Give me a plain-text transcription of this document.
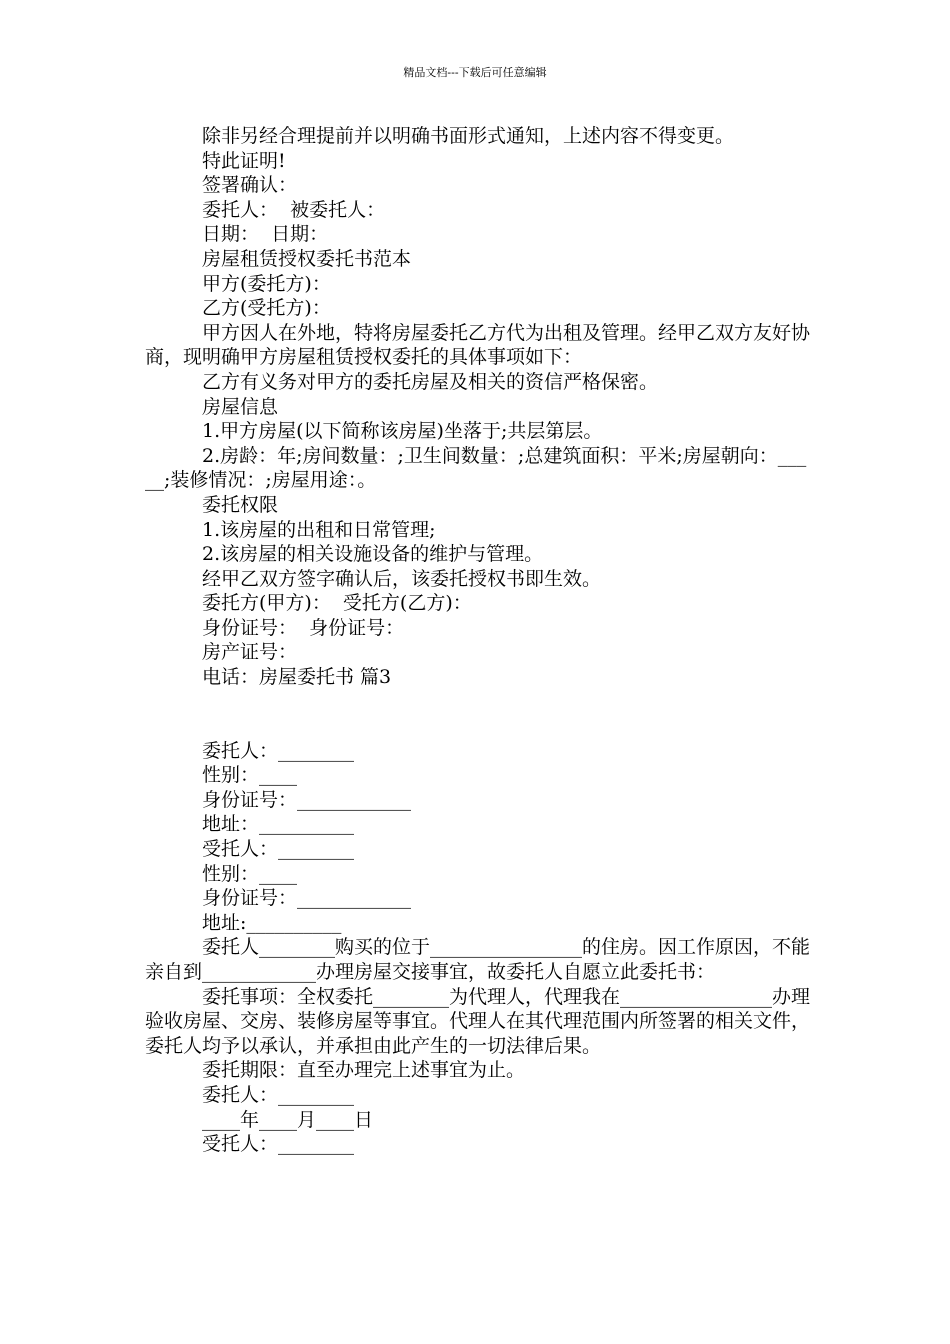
精品文档---下载后可任意编辑

除非另经合理提前并以明确书面形式通知，上述内容不得变更。

特此证明!

签署确认：

委托人：  被委托人：

日期：  日期：

房屋租赁授权委托书范本

甲方(委托方)：

乙方(受托方)：

甲方因人在外地，特将房屋委托乙方代为出租及管理。经甲乙双方友好协商，现明确甲方房屋租赁授权委托的具体事项如下：

乙方有义务对甲方的委托房屋及相关的资信严格保密。

房屋信息

1.甲方房屋(以下简称该房屋)坐落于;共层第层。

2.房龄：年;房间数量：;卫生间数量：;总建筑面积：平米;房屋朝向：_____;装修情况：;房屋用途：。

委托权限

1.该房屋的出租和日常管理;

2.该房屋的相关设施设备的维护与管理。

经甲乙双方签字确认后，该委托授权书即生效。

委托方(甲方)：  受托方(乙方)：

身份证号：  身份证号：

房产证号：

电话：房屋委托书 篇3

委托人：________

性别：____

身份证号：____________

地址：__________

受托人：________

性别：____

身份证号：____________

地址:__________

委托人________购买的位于________________的住房。因工作原因，不能亲自到____________办理房屋交接事宜，故委托人自愿立此委托书：

委托事项：全权委托________为代理人，代理我在________________办理验收房屋、交房、装修房屋等事宜。代理人在其代理范围内所签署的相关文件，委托人均予以承认，并承担由此产生的一切法律后果。

委托期限：直至办理完上述事宜为止。

委托人：________

____年____月____日

受托人：________
